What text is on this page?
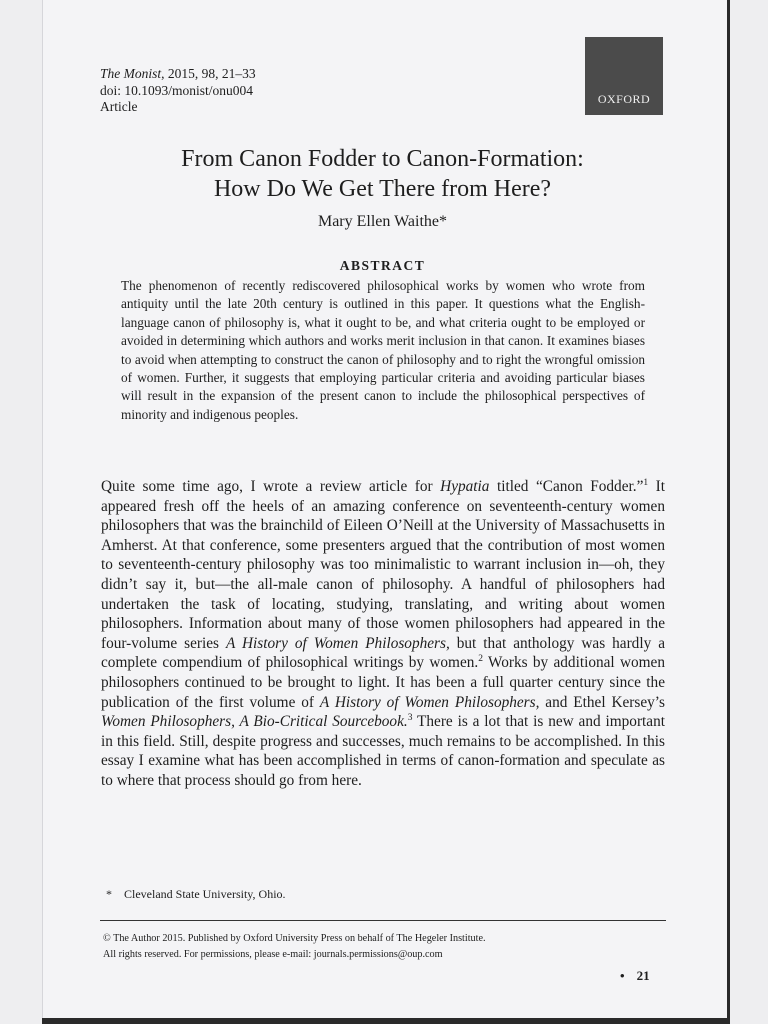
The Monist, 2015, 98, 21–33
doi: 10.1093/monist/onu004
Article	OXFORD
From Canon Fodder to Canon-Formation:
How Do We Get There from Here?
Mary Ellen Waithe*
ABSTRACT
The phenomenon of recently rediscovered philosophical works by women who wrote from antiquity until the late 20th century is outlined in this paper. It questions what the English-language canon of philosophy is, what it ought to be, and what criteria ought to be employed or avoided in determining which authors and works merit inclusion in that canon. It examines biases to avoid when attempting to construct the canon of philosophy and to right the wrongful omission of women. Further, it suggests that employing particular criteria and avoiding particular biases will result in the expansion of the present canon to include the philosophical perspectives of minority and indigenous peoples.
Quite some time ago, I wrote a review article for Hypatia titled “Canon Fodder.”$^1$ It appeared fresh off the heels of an amazing conference on seventeenth-century women philosophers that was the brainchild of Eileen O’Neill at the University of Massachusetts in Amherst. At that conference, some presenters argued that the contribution of most women to seventeenth-century philosophy was too minimalistic to warrant inclusion in—oh, they didn’t say it, but—the all-male canon of philosophy. A handful of philosophers had undertaken the task of locating, studying, translating, and writing about women philosophers. Information about many of those women philosophers had appeared in the four-volume series A History of Women Philosophers, but that anthology was hardly a complete compendium of philosophical writings by women.$^2$ Works by additional women philosophers continued to be brought to light. It has been a full quarter century since the publication of the first volume of A History of Women Philosophers, and Ethel Kersey’s Women Philosophers, A Bio-Critical Sourcebook.$^3$ There is a lot that is new and important in this field. Still, despite progress and successes, much remains to be accomplished. In this essay I examine what has been accomplished in terms of canon-formation and speculate as to where that process should go from here.
* Cleveland State University, Ohio.
© The Author 2015. Published by Oxford University Press on behalf of The Hegeler Institute.
All rights reserved. For permissions, please e-mail: journals.permissions@oup.com
• 21
